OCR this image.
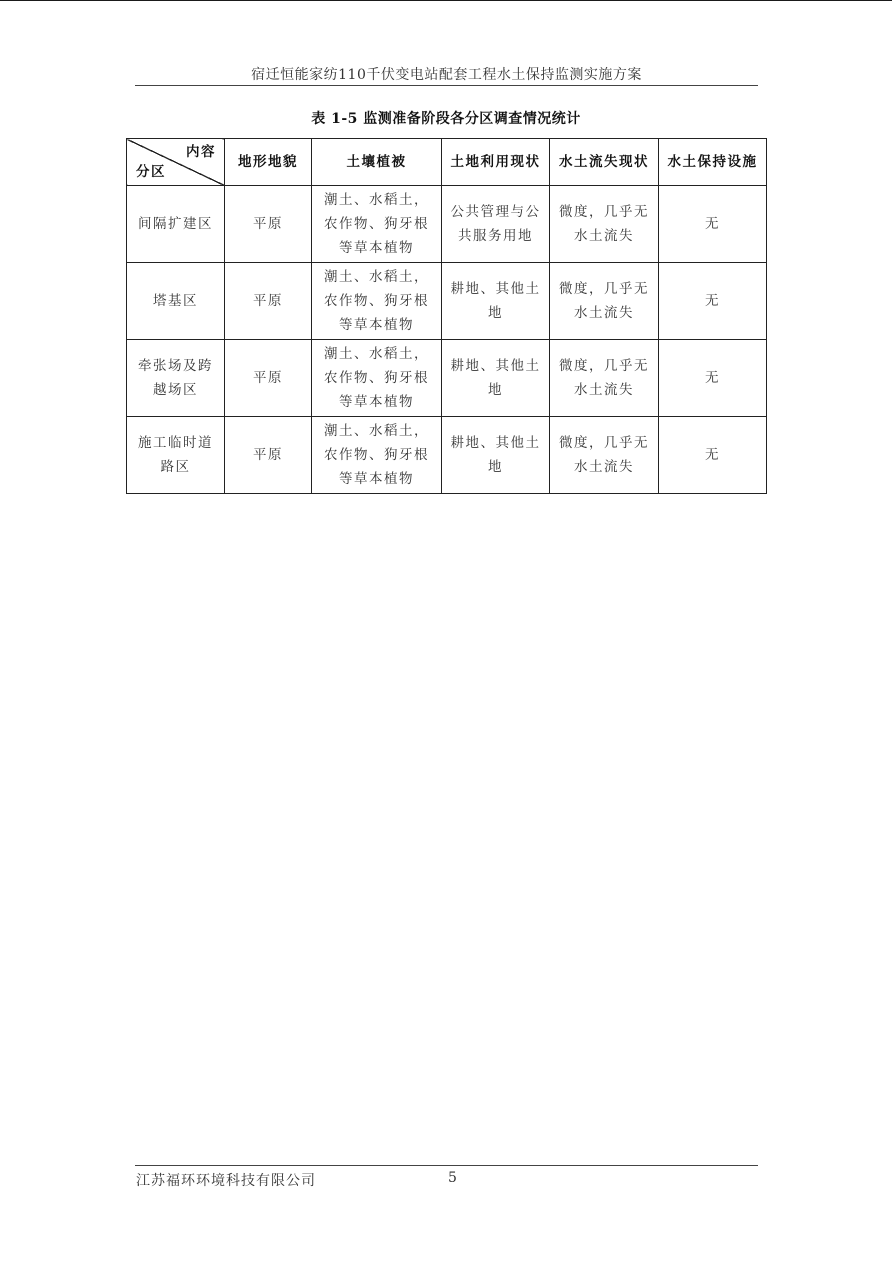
宿迁恒能家纺110千伏变电站配套工程水土保持监测实施方案
表 1-5 监测准备阶段各分区调查情况统计
内容
分区	地形地貌	土壤植被	土地利用现状	水土流失现状	水土保持设施
间隔扩建区	平原	潮土、水稻土，农作物、狗牙根等草本植物	公共管理与公共服务用地	微度，几乎无水土流失	无
塔基区	平原	潮土、水稻土，农作物、狗牙根等草本植物	耕地、其他土地	微度，几乎无水土流失	无
牵张场及跨越场区	平原	潮土、水稻土，农作物、狗牙根等草本植物	耕地、其他土地	微度，几乎无水土流失	无
施工临时道路区	平原	潮土、水稻土，农作物、狗牙根等草本植物	耕地、其他土地	微度，几乎无水土流失	无
江苏福环环境科技有限公司	5
